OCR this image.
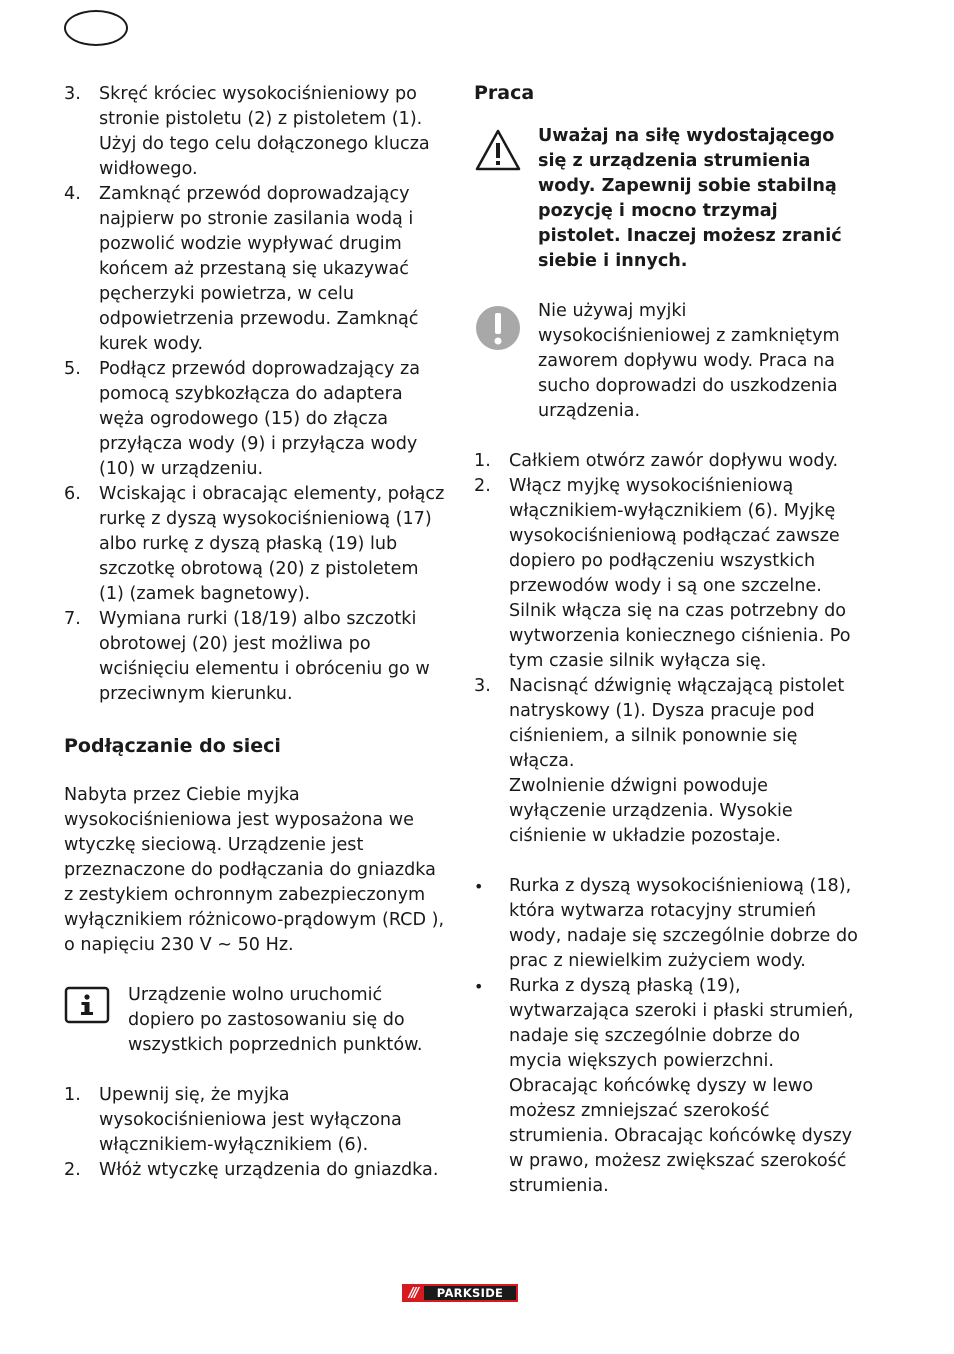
3. Skręć króciec wysokociśnieniowy po stronie pistoletu (2) z pistoletem (1). Użyj do tego celu dołączonego klucza widłowego.
4. Zamknąć przewód doprowadzający najpierw po stronie zasilania wodą i pozwolić wodzie wypływać drugim końcem aż przestaną się ukazywać pęcherzyki powietrza, w celu odpowietrzenia przewodu. Zamknąć kurek wody.
5. Podłącz przewód doprowadzający za pomocą szybkozłącza do adaptera węża ogrodowego (15) do złącza przyłącza wody (9) i przyłącza wody (10) w urządzeniu.
6. Wciskając i obracając elementy, połącz rurkę z dyszą wysokociśnieniową (17) albo rurkę z dyszą płaską (19) lub szczotkę obrotową (20) z pistoletem (1) (zamek bagnetowy).
7. Wymiana rurki (18/19) albo szczotki obrotowej (20) jest możliwa po wciśnięciu elementu i obróceniu go w przeciwnym kierunku.
Podłączanie do sieci

Nabyta przez Ciebie myjka wysokociśnieniowa jest wyposażona we wtyczkę sieciową. Urządzenie jest przeznaczone do podłączania do gniazdka z zestykiem ochronnym zabezpieczonym wyłącznikiem różnicowo-prądowym (RCD ), o napięciu 230 V ~ 50 Hz.

Urządzenie wolno uruchomić dopiero po zastosowaniu się do wszystkich poprzednich punktów.

1. Upewnij się, że myjka wysokociśnieniowa jest wyłączona włącznikiem-wyłącznikiem (6).
2. Włóż wtyczkę urządzenia do gniazdka.
Praca

Uważaj na siłę wydostającego się z urządzenia strumienia wody. Zapewnij sobie stabilną pozycję i mocno trzymaj pistolet. Inaczej możesz zranić siebie i innych.

Nie używaj myjki wysokociśnieniowej z zamkniętym zaworem dopływu wody. Praca na sucho doprowadzi do uszkodzenia urządzenia.

1. Całkiem otwórz zawór dopływu wody.
2. Włącz myjkę wysokociśnieniową włącznikiem-wyłącznikiem (6). Myjkę wysokociśnieniową podłączać zawsze dopiero po podłączeniu wszystkich przewodów wody i są one szczelne. Silnik włącza się na czas potrzebny do wytworzenia koniecznego ciśnienia. Po tym czasie silnik wyłącza się.
3. Nacisnąć dźwignię włączającą pistolet natryskowy (1). Dysza pracuje pod ciśnieniem, a silnik ponownie się włącza.
Zwolnienie dźwigni powoduje wyłączenie urządzenia. Wysokie ciśnienie w układzie pozostaje.
• Rurka z dyszą wysokociśnieniową (18), która wytwarza rotacyjny strumień wody, nadaje się szczególnie dobrze do prac z niewielkim zużyciem wody.
• Rurka z dyszą płaską (19), wytwarzająca szeroki i płaski strumień, nadaje się szczególnie dobrze do mycia większych powierzchni.
Obracając końcówkę dyszy w lewo możesz zmniejszać szerokość strumienia. Obracając końcówkę dyszy w prawo, możesz zwiększać szerokość strumienia.
///	PARKSIDE
